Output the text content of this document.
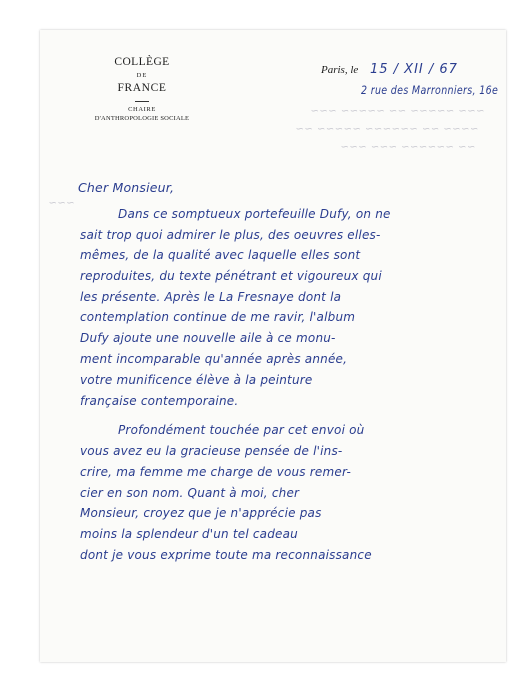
COLLÈGE
DE
FRANCE
CHAIRE
D'ANTHROPOLOGIE SOCIALE
Paris, le 15 / XII / 67
2 rue des Marronniers, 16e
~~~ ~~~~~ ~~ ~~~~~ ~~~
~~~~ ~~ ~~~~~~ ~~~~~ ~~
~~ ~~~~~~ ~~~ ~~~
~~~
Cher Monsieur,
Dans ce somptueux portefeuille Dufy, on ne
sait trop quoi admirer le plus, des oeuvres elles-
mêmes, de la qualité avec laquelle elles sont
reproduites, du texte pénétrant et vigoureux qui
les présente. Après le La Fresnaye dont la
contemplation continue de me ravir, l'album
Dufy ajoute une nouvelle aile à ce monu-
ment incomparable qu'année après année,
votre munificence élève à la peinture
française contemporaine.
Profondément touchée par cet envoi où
vous avez eu la gracieuse pensée de l'ins-
crire, ma femme me charge de vous remer-
cier en son nom. Quant à moi, cher
Monsieur, croyez que je n'apprécie pas
moins la splendeur d'un tel cadeau
dont je vous exprime toute ma reconnaissance
